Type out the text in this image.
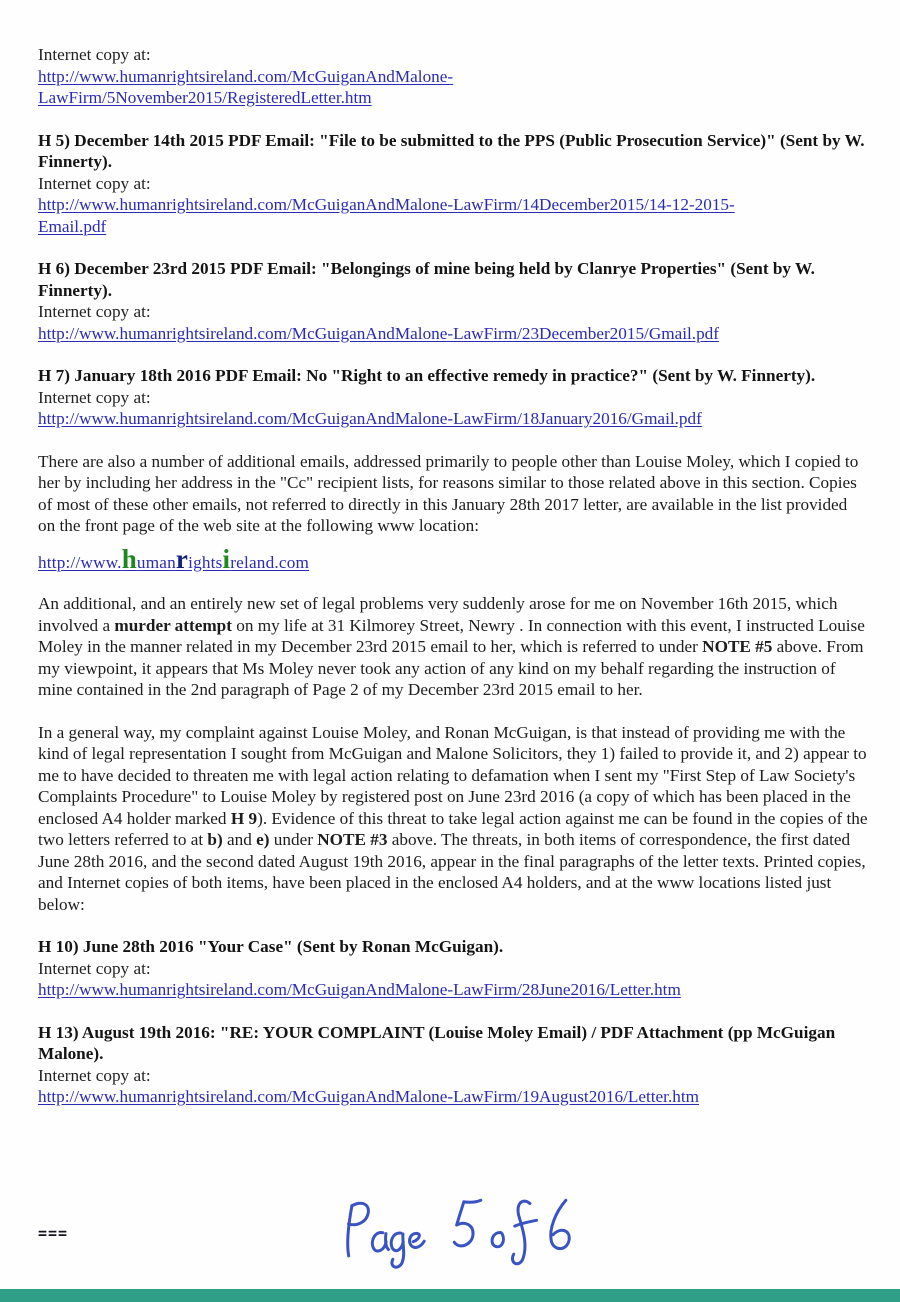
Internet copy at:
http://www.humanrightsireland.com/McGuiganAndMalone-
LawFirm/5November2015/RegisteredLetter.htm
H 5) December 14th 2015 PDF Email: "File to be submitted to the PPS (Public Prosecution Service)" (Sent by W. Finnerty).
Internet copy at:
http://www.humanrightsireland.com/McGuiganAndMalone-LawFirm/14December2015/14-12-2015-
Email.pdf
H 6) December 23rd 2015 PDF Email: "Belongings of mine being held by Clanrye Properties" (Sent by W. Finnerty).
Internet copy at:
http://www.humanrightsireland.com/McGuiganAndMalone-LawFirm/23December2015/Gmail.pdf
H 7) January 18th 2016 PDF Email: No "Right to an effective remedy in practice?" (Sent by W. Finnerty).
Internet copy at:
http://www.humanrightsireland.com/McGuiganAndMalone-LawFirm/18January2016/Gmail.pdf
There are also a number of additional emails, addressed primarily to people other than Louise Moley, which I copied to her by including her address in the "Cc" recipient lists, for reasons similar to those related above in this section. Copies of most of these other emails, not referred to directly in this January 28th 2017 letter, are available in the list provided on the front page of the web site at the following www location:
http://www.humanrightsireland.com
An additional, and an entirely new set of legal problems very suddenly arose for me on November 16th 2015, which involved a murder attempt on my life at 31 Kilmorey Street, Newry . In connection with this event, I instructed Louise Moley in the manner related in my December 23rd 2015 email to her, which is referred to under NOTE #5 above. From my viewpoint, it appears that Ms Moley never took any action of any kind on my behalf regarding the instruction of mine contained in the 2nd paragraph of Page 2 of my December 23rd 2015 email to her.
In a general way, my complaint against Louise Moley, and Ronan McGuigan, is that instead of providing me with the kind of legal representation I sought from McGuigan and Malone Solicitors, they 1) failed to provide it, and 2) appear to me to have decided to threaten me with legal action relating to defamation when I sent my "First Step of Law Society's Complaints Procedure" to Louise Moley by registered post on June 23rd 2016 (a copy of which has been placed in the enclosed A4 holder marked H 9). Evidence of this threat to take legal action against me can be found in the copies of the two letters referred to at b) and e) under NOTE #3 above. The threats, in both items of correspondence, the first dated June 28th 2016, and the second dated August 19th 2016, appear in the final paragraphs of the letter texts. Printed copies, and Internet copies of both items, have been placed in the enclosed A4 holders, and at the www locations listed just below:
H 10) June 28th 2016 "Your Case" (Sent by Ronan McGuigan).
Internet copy at:
http://www.humanrightsireland.com/McGuiganAndMalone-LawFirm/28June2016/Letter.htm
H 13) August 19th 2016: "RE: YOUR COMPLAINT (Louise Moley Email) / PDF Attachment (pp McGuigan Malone).
Internet copy at:
http://www.humanrightsireland.com/McGuiganAndMalone-LawFirm/19August2016/Letter.htm
===
